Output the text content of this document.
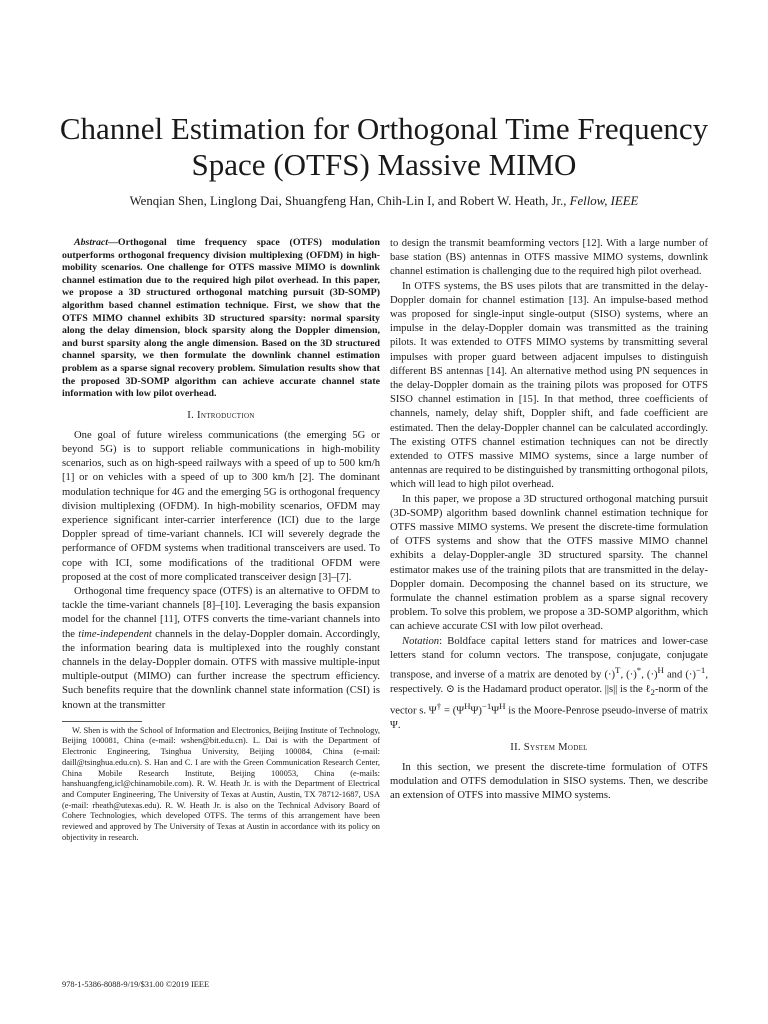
Channel Estimation for Orthogonal Time Frequency
Space (OTFS) Massive MIMO
Wenqian Shen, Linglong Dai, Shuangfeng Han, Chih-Lin I, and Robert W. Heath, Jr., Fellow, IEEE

Abstract—Orthogonal time frequency space (OTFS) modulation outperforms orthogonal frequency division multiplexing (OFDM) in high-mobility scenarios. One challenge for OTFS massive MIMO is downlink channel estimation due to the required high pilot overhead. In this paper, we propose a 3D structured orthogonal matching pursuit (3D-SOMP) algorithm based channel estimation technique. First, we show that the OTFS MIMO channel exhibits 3D structured sparsity: normal sparsity along the delay dimension, block sparsity along the Doppler dimension, and burst sparsity along the angle dimension. Based on the 3D structured channel sparsity, we then formulate the downlink channel estimation problem as a sparse signal recovery problem. Simulation results show that the proposed 3D-SOMP algorithm can achieve accurate channel state information with low pilot overhead.

I. Introduction

One goal of future wireless communications (the emerging 5G or beyond 5G) is to support reliable communications in high-mobility scenarios, such as on high-speed railways with a speed of up to 500 km/h [1] or on vehicles with a speed of up to 300 km/h [2]. The dominant modulation technique for 4G and the emerging 5G is orthogonal frequency division multiplexing (OFDM). In high-mobility scenarios, OFDM may experience significant inter-carrier interference (ICI) due to the large Doppler spread of time-variant channels. ICI will severely degrade the performance of OFDM systems when traditional transceivers are used. To cope with ICI, some modifications of the traditional OFDM were proposed at the cost of more complicated transceiver design [3]–[7].

Orthogonal time frequency space (OTFS) is an alternative to OFDM to tackle the time-variant channels [8]–[10]. Leveraging the basis expansion model for the channel [11], OTFS converts the time-variant channels into the time-independent channels in the delay-Doppler domain. Accordingly, the information bearing data is multiplexed into the roughly constant channels in the delay-Doppler domain. OTFS with massive multiple-input multiple-output (MIMO) can further increase the spectrum efficiency. Such benefits require that the downlink channel state information (CSI) is known at the transmitter

W. Shen is with the School of Information and Electronics, Beijing Institute of Technology, Beijing 100081, China (e-mail: wshen@bit.edu.cn). L. Dai is with the Department of Electronic Engineering, Tsinghua University, Beijing 100084, China (e-mail: daill@tsinghua.edu.cn). S. Han and C. I are with the Green Communication Research Center, China Mobile Research Institute, Beijing 100053, China (e-mails: hanshuangfeng,icl@chinamobile.com). R. W. Heath Jr. is with the Department of Electrical and Computer Engineering, The University of Texas at Austin, Austin, TX 78712-1687, USA (e-mail: rheath@utexas.edu). R. W. Heath Jr. is also on the Technical Advisory Board of Cohere Technologies, which developed OTFS. The terms of this arrangement have been reviewed and approved by The University of Texas at Austin in accordance with its policy on objectivity in research.

to design the transmit beamforming vectors [12]. With a large number of base station (BS) antennas in OTFS massive MIMO systems, downlink channel estimation is challenging due to the required high pilot overhead.

In OTFS systems, the BS uses pilots that are transmitted in the delay-Doppler domain for channel estimation [13]. An impulse-based method was proposed for single-input single-output (SISO) systems, where an impulse in the delay-Doppler domain was transmitted as the training pilots. It was extended to OTFS MIMO systems by transmitting several impulses with proper guard between adjacent impulses to distinguish different BS antennas [14]. An alternative method using PN sequences in the delay-Doppler domain as the training pilots was proposed for OTFS SISO channel estimation in [15]. In that method, three coefficients of channels, namely, delay shift, Doppler shift, and fade coefficient are estimated. Then the delay-Doppler channel can be calculated accordingly. The existing OTFS channel estimation techniques can not be directly extended to OTFS massive MIMO systems, since a large number of antennas are required to be distinguished by transmitting orthogonal pilots, which will lead to high pilot overhead.

In this paper, we propose a 3D structured orthogonal matching pursuit (3D-SOMP) algorithm based downlink channel estimation technique for OTFS massive MIMO systems. We present the discrete-time formulation of OTFS systems and show that the OTFS massive MIMO channel exhibits a delay-Doppler-angle 3D structured sparsity. The channel estimator makes use of the training pilots that are transmitted in the delay-Doppler domain. Decomposing the channel based on its structure, we formulate the channel estimation problem as a sparse signal recovery problem. To solve this problem, we propose a 3D-SOMP algorithm, which can achieve accurate CSI with low pilot overhead.

Notation: Boldface capital letters stand for matrices and lower-case letters stand for column vectors. The transpose, conjugate, conjugate transpose, and inverse of a matrix are denoted by $(\cdot)^T$, (·)*, $(\cdot)^H$ and $(\cdot)^{-1}$, respectively. ⊙ is the Hadamard product operator. ||s|| is the ℓ$_2$-norm of the vector s. $\Psi^\dagger = (\Psi^H\Psi)^{-1}\Psi^H$ is the Moore-Penrose pseudo-inverse of matrix Ψ.

II. System Model

In this section, we present the discrete-time formulation of OTFS modulation and OTFS demodulation in SISO systems. Then, we describe an extension of OTFS into massive MIMO systems.

978-1-5386-8088-9/19/$31.00 ©2019 IEEE
